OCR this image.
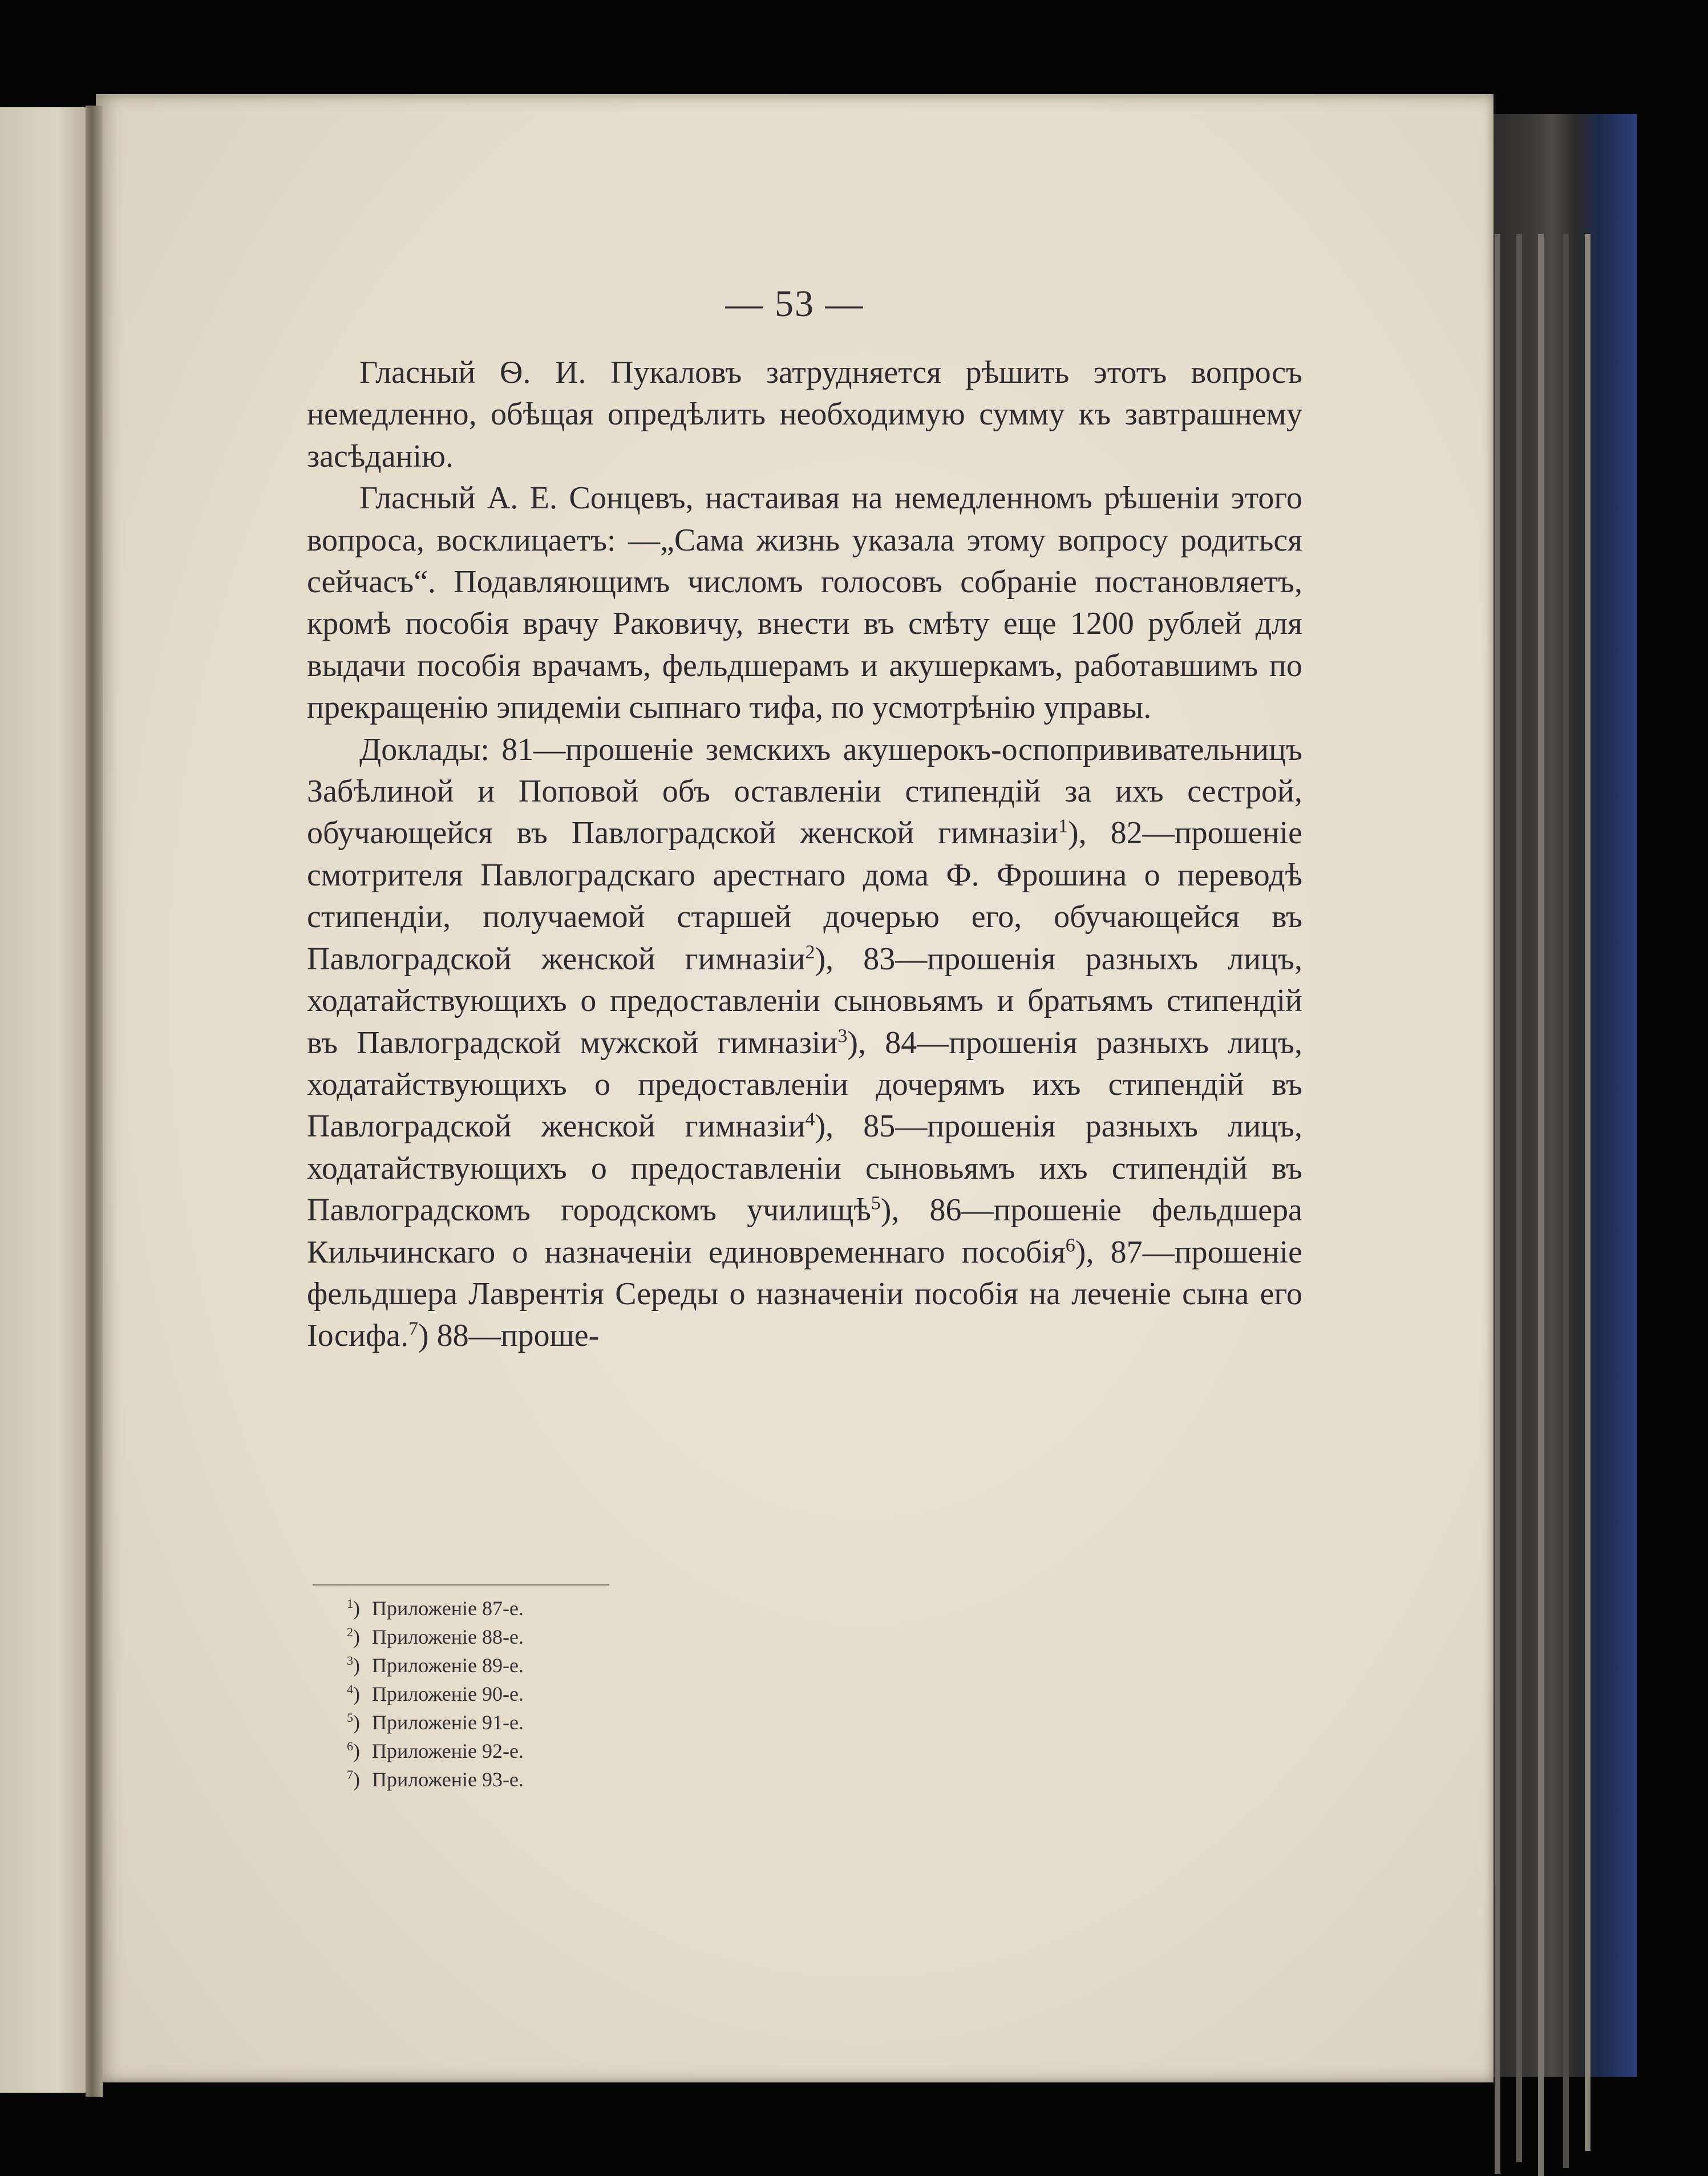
— 53 —

Гласный Ѳ. И. Пукаловъ затрудняется рѣшить этотъ вопросъ немедленно, обѣщая опредѣлить необходимую сумму къ завтрашнему засѣданію.

Гласный А. Е. Сонцевъ, настаивая на немедленномъ рѣшеніи этого вопроса, восклицаетъ: —„Сама жизнь указала этому вопросу родиться сейчасъ“. Подавляющимъ числомъ голосовъ собраніе постановляетъ, кромѣ пособія врачу Раковичу, внести въ смѣту еще 1200 рублей для выдачи пособія врачамъ, фельдшерамъ и акушеркамъ, работавшимъ по прекращенію эпидеміи сыпнаго тифа, по усмотрѣнію управы.

Доклады: 81—прошеніе земскихъ акушерокъ-оспопрививательницъ Забѣлиной и Поповой объ оставленіи стипендій за ихъ сестрой, обучающейся въ Павлоградской женской гимназіи$^1$), 82—прошеніе смотрителя Павлоградскаго арестнаго дома Ф. Фрошина о переводѣ стипендіи, получаемой старшей дочерью его, обучающейся въ Павлоградской женской гимназіи$^2$), 83—прошенія разныхъ лицъ, ходатайствующихъ о предоставленіи сыновьямъ и братьямъ стипендій въ Павлоградской мужской гимназіи$^3$), 84—прошенія разныхъ лицъ, ходатайствующихъ о предоставленіи дочерямъ ихъ стипендій въ Павлоградской женской гимназіи$^4$), 85—прошенія разныхъ лицъ, ходатайствующихъ о предоставленіи сыновьямъ ихъ стипендій въ Павлоградскомъ городскомъ училищѣ$^5$), 86—прошеніе фельдшера Кильчинскаго о назначеніи единовременнаго пособія$^6$), 87—прошеніе фельдшера Лаврентія Середы о назначеніи пособія на леченіе сына его Іосифа.$^7$) 88—проше-

$^1$) Приложеніе 87-е.
$^2$) Приложеніе 88-е.
$^3$) Приложеніе 89-е.
$^4$) Приложеніе 90-е.
$^5$) Приложеніе 91-е.
$^6$) Приложеніе 92-е.
$^7$) Приложеніе 93-е.
